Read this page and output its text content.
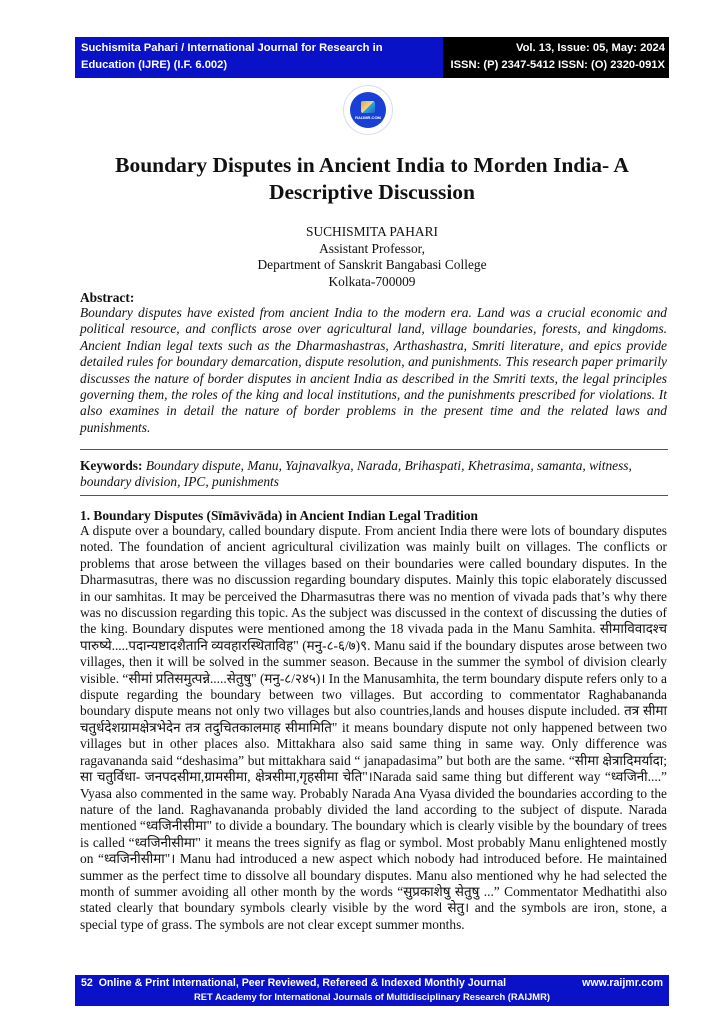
Suchismita Pahari / International Journal for Research in
Education (IJRE) (I.F. 6.002)
Vol. 13, Issue: 05, May: 2024
ISSN: (P) 2347-5412 ISSN: (O) 2320-091X
RAIJMR.COM
Boundary Disputes in Ancient India to Morden India- A
Descriptive Discussion
SUCHISMITA PAHARI
Assistant Professor,
Department of Sanskrit Bangabasi College
Kolkata-700009
Abstract:
Boundary disputes have existed from ancient India to the modern era. Land was a crucial economic and political resource, and conflicts arose over agricultural land, village boundaries, forests, and kingdoms. Ancient Indian legal texts such as the Dharmashastras, Arthashastra, Smriti literature, and epics provide detailed rules for boundary demarcation, dispute resolution, and punishments. This research paper primarily discusses the nature of border disputes in ancient India as described in the Smriti texts, the legal principles governing them, the roles of the king and local institutions, and the punishments prescribed for violations. It also examines in detail the nature of border problems in the present time and the related laws and punishments.
Keywords: Boundary dispute, Manu, Yajnavalkya, Narada, Brihaspati, Khetrasima, samanta, witness, boundary division, IPC, punishments
1. Boundary Disputes (Sīmāvivāda) in Ancient Indian Legal Tradition
A dispute over a boundary, called boundary dispute. From ancient India there were lots of boundary disputes noted. The foundation of ancient agricultural civilization was mainly built on villages. The conflicts or problems that arose between the villages based on their boundaries were called boundary disputes. In the Dharmasutras, there was no discussion regarding boundary disputes. Mainly this topic elaborately discussed in our samhitas. It may be perceived the Dharmasutras there was no mention of vivada pads that’s why there was no discussion regarding this topic. As the subject was discussed in the context of discussing the duties of the king. Boundary disputes were mentioned among the 18 vivada pada in the Manu Samhita. सीमाविवादश्च पारुष्ये.....पदान्यष्टादशैतानि व्यवहारस्थिताविह" (मनु-८-६/७)९. Manu said if the boundary disputes arose between two villages, then it will be solved in the summer season. Because in the summer the symbol of division clearly visible. “सीमां प्रतिसमुत्पन्ने.....सेतुषु" (मनु-८/२४५)। In the Manusamhita, the term boundary dispute refers only to a dispute regarding the boundary between two villages. But according to commentator Raghabananda boundary dispute means not only two villages but also countries,lands and houses dispute included. तत्र सीमा चतुर्धदेशग्रामक्षेत्रभेदेन तत्र तदुचितकालमाह सीमामिति" it means boundary dispute not only happened between two villages but in other places also. Mittakhara also said same thing in same way. Only difference was ragavananda said “deshasima” but mittakhara said “ janapadasima” but both are the same. “सीमा क्षेत्रादिमर्यादा; सा चतुर्विधा- जनपदसीमा,ग्रामसीमा, क्षेत्रसीमा,गृहसीमा चेति"।Narada said same thing but different way “ध्वजिनी....” Vyasa also commented in the same way. Probably Narada Ana Vyasa divided the boundaries according to the nature of the land. Raghavananda probably divided the land according to the subject of dispute. Narada mentioned “ध्वजिनीसीमा" to divide a boundary. The boundary which is clearly visible by the boundary of trees is called “ध्वजिनीसीमा" it means the trees signify as flag or symbol. Most probably Manu enlightened mostly on “ध्वजिनीसीमा"। Manu had introduced a new aspect which nobody had introduced before. He maintained summer as the perfect time to dissolve all boundary disputes. Manu also mentioned why he had selected the month of summer avoiding all other month by the words “सुप्रकाशेषु सेतुषु ...” Commentator Medhatithi also stated clearly that boundary symbols clearly visible by the word सेतु। and the symbols are iron, stone, a special type of grass. The symbols are not clear except summer months.
52 Online & Print International, Peer Reviewed, Refereed & Indexed Monthly Journal	www.raijmr.com
RET Academy for International Journals of Multidisciplinary Research (RAIJMR)
